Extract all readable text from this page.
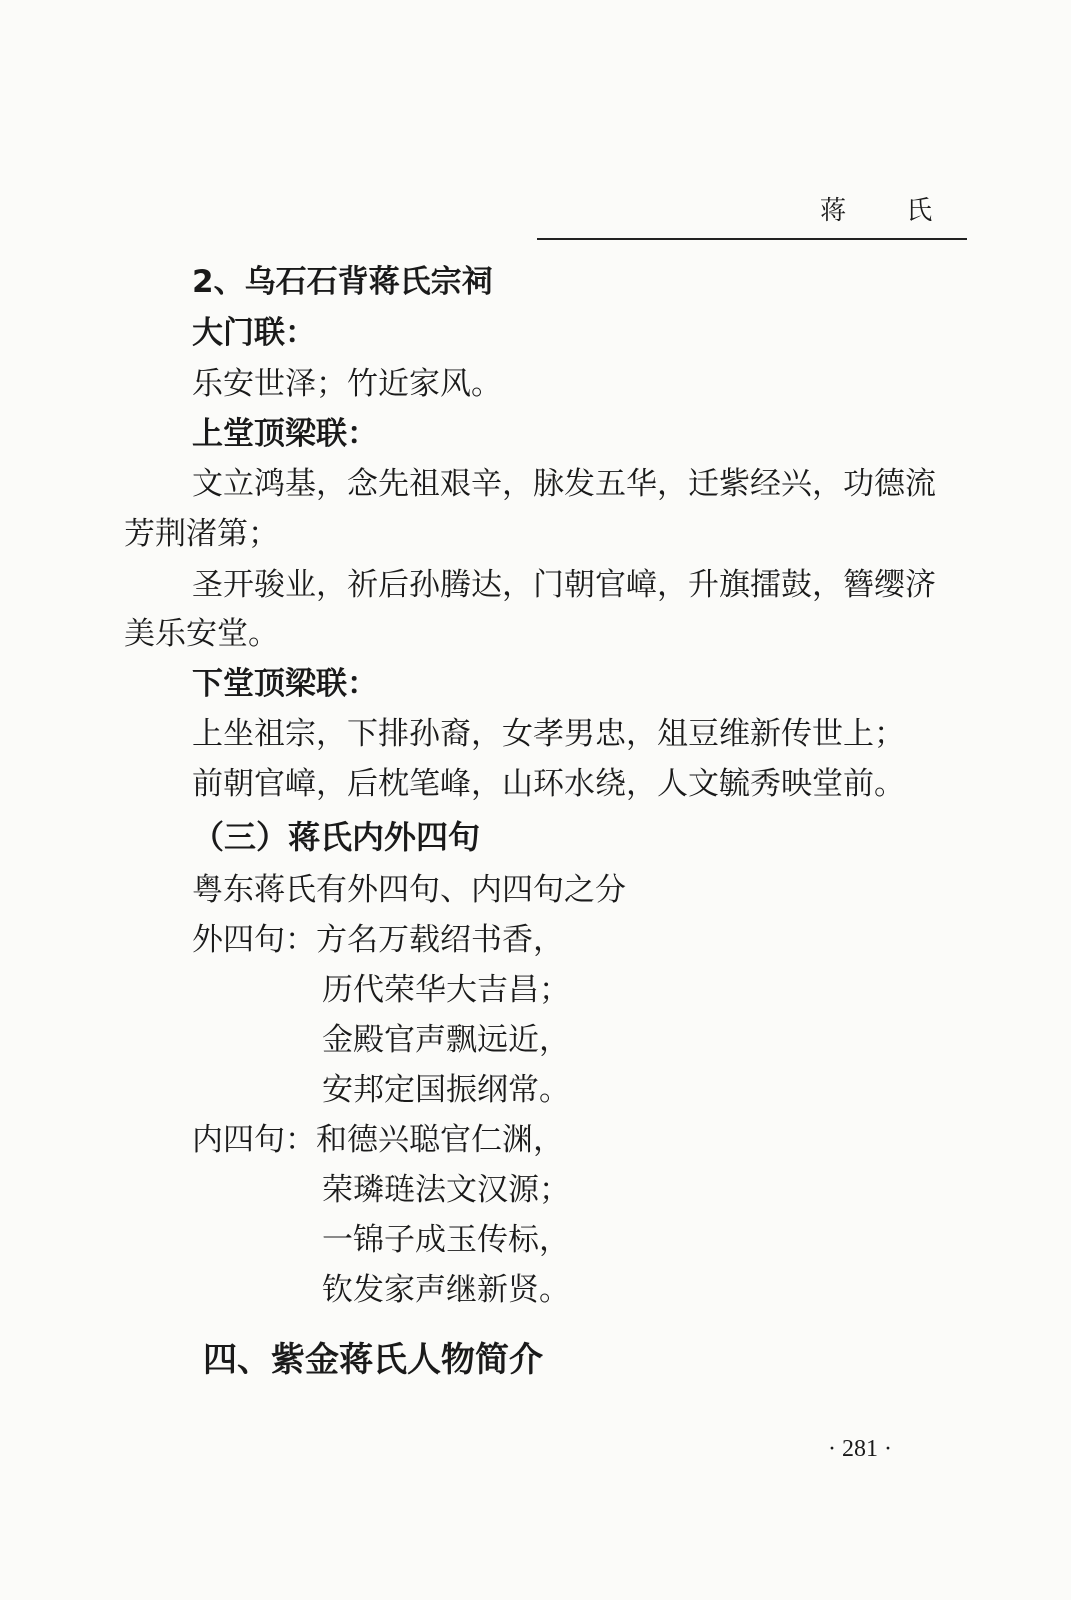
蒋 氏
2、乌石石背蒋氏宗祠
大门联：
乐安世泽；竹近家风。
上堂顶梁联：
文立鸿基，念先祖艰辛，脉发五华，迁紫经兴，功德流
芳荆渚第；
圣开骏业，祈后孙腾达，门朝官嶂，升旗擂鼓，簪缨济
美乐安堂。
下堂顶梁联：
上坐祖宗，下排孙裔，女孝男忠，俎豆维新传世上；
前朝官嶂，后枕笔峰，山环水绕，人文毓秀映堂前。
（三）蒋氏内外四句
粤东蒋氏有外四句、内四句之分
外四句： 方名万载绍书香，
历代荣华大吉昌；
金殿官声飘远近，
安邦定国振纲常。
内四句： 和德兴聪官仁渊，
荣璘琏法文汉源；
一锦子成玉传标，
钦发家声继新贤。
四、紫金蒋氏人物简介
· 281 ·
